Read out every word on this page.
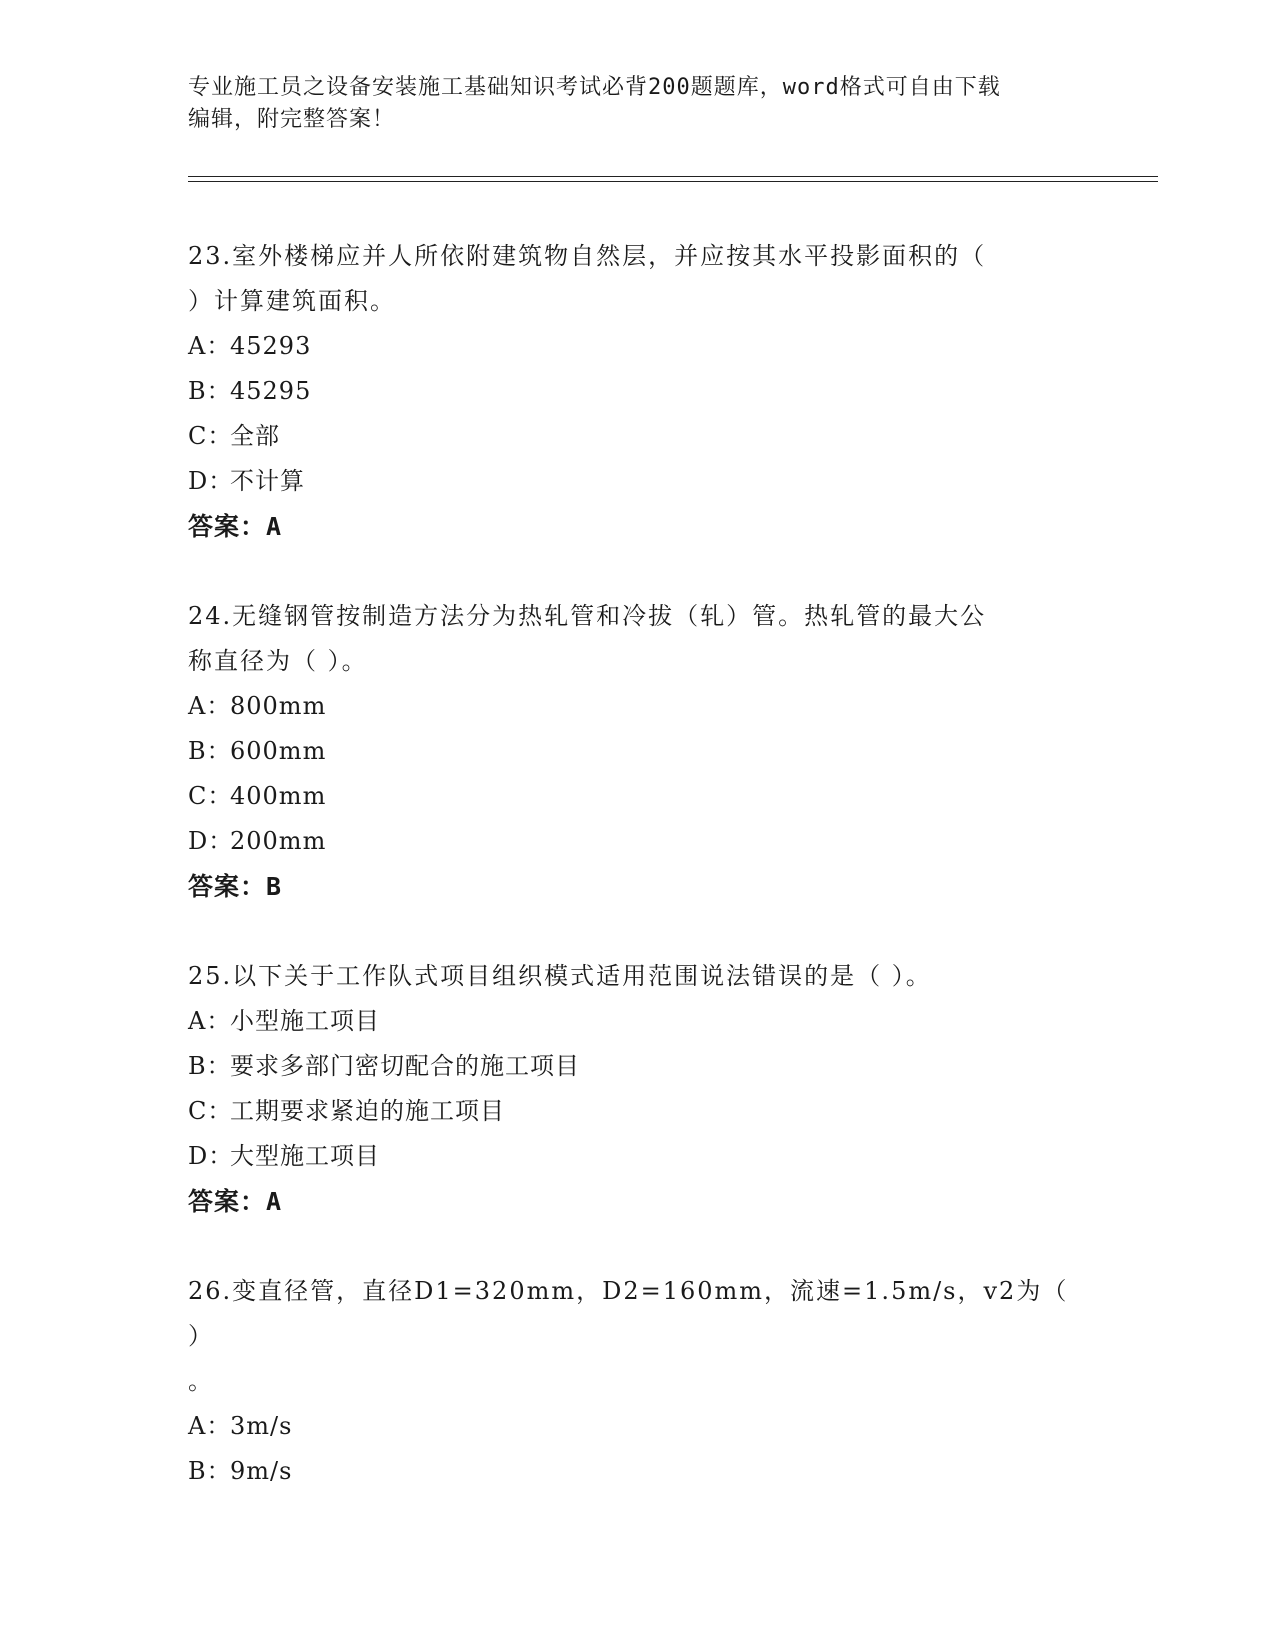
专业施工员之设备安装施工基础知识考试必背200题题库，word格式可自由下载
编辑，附完整答案！

23.室外楼梯应并人所依附建筑物自然层，并应按其水平投影面积的（

）计算建筑面积。

A：45293

B：45295

C：全部

D：不计算

答案：A

24.无缝钢管按制造方法分为热轧管和冷拔（轧）管。热轧管的最大公

称直径为（ ）。

A：800mm

B：600mm

C：400mm

D：200mm

答案：B

25.以下关于工作队式项目组织模式适用范围说法错误的是（ ）。

A：小型施工项目

B：要求多部门密切配合的施工项目

C：工期要求紧迫的施工项目

D：大型施工项目

答案：A

26.变直径管，直径D1=320mm，D2=160mm，流速=1.5m/s，v2为（ ）

。

A：3m/s

B：9m/s
